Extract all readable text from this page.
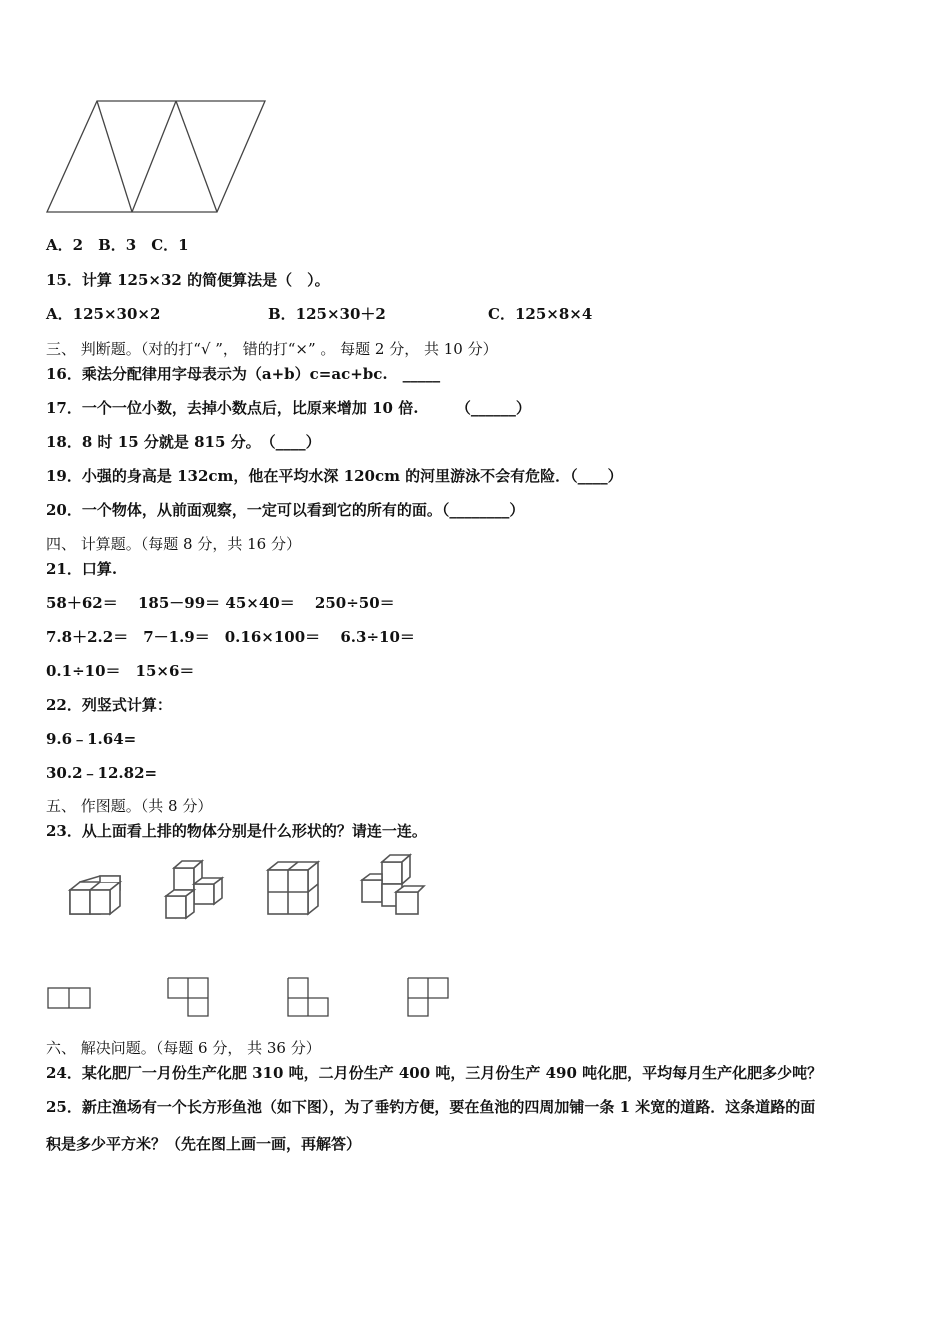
A．2　B．3　C．1
15．计算 125×32 的简便算法是（　）。
A．125×30×2	B．125×30＋2	C．125×8×4
三、 判断题。（对的打“√ ”， 错的打“×” 。 每题 2 分， 共 10 分）
16．乘法分配律用字母表示为（a+b）c=ac+bc.　_____
17．一个一位小数，去掉小数点后，比原来增加 10 倍.　　　（______）
18．8 时 15 分就是 815 分。　（____）
19．小强的身高是 132cm，他在平均水深 120cm 的河里游泳不会有危险．（____）
20．一个物体，从前面观察，一定可以看到它的所有的面。（________）
四、 计算题。（每题 8 分，共 16 分）
21．口算.
58＋62＝　 185－99＝ 45×40＝　 250÷50＝
7.8＋2.2＝　7－1.9＝　0.16×100＝　 6.3÷10＝
0.1÷10＝　15×6＝
22．列竖式计算：
9.6﹣1.64=
30.2﹣12.82=
五、 作图题。（共 8 分）
23．从上面看上排的物体分别是什么形状的？请连一连。
六、 解决问题。（每题 6 分， 共 36 分）
24．某化肥厂一月份生产化肥 310 吨，二月份生产 400 吨，三月份生产 490 吨化肥，平均每月生产化肥多少吨？
25．新庄渔场有一个长方形鱼池（如下图），为了垂钓方便，要在鱼池的四周加铺一条 1 米宽的道路．这条道路的面
积是多少平方米？（先在图上画一画，再解答）
